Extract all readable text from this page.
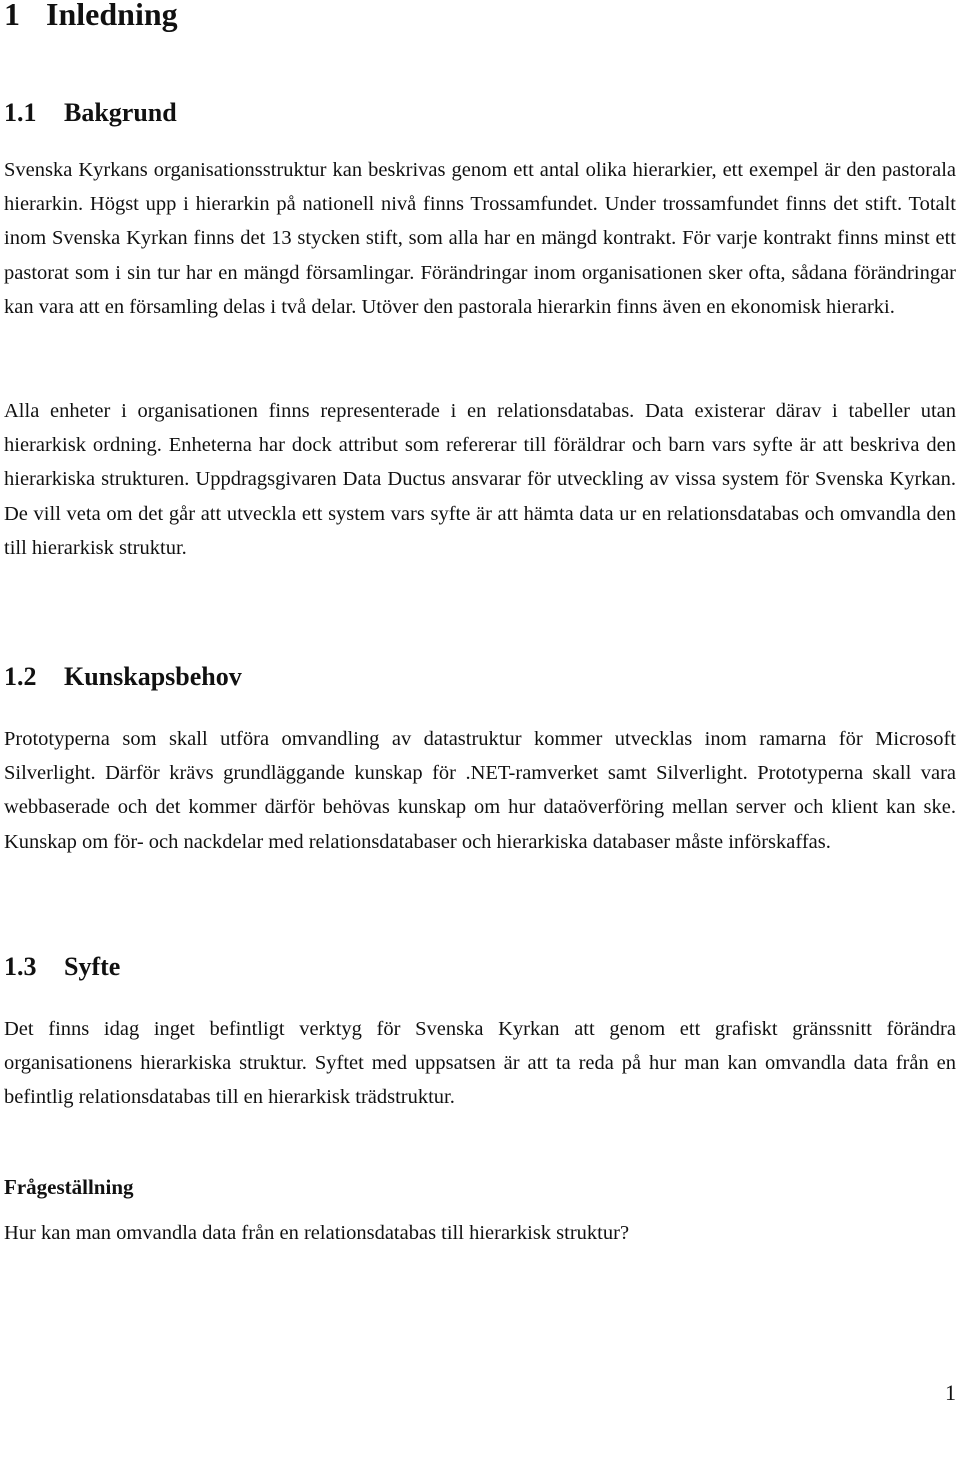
1 Inledning
1.1 Bakgrund

Svenska Kyrkans organisationsstruktur kan beskrivas genom ett antal olika hierarkier, ett exempel är den pastorala hierarkin. Högst upp i hierarkin på nationell nivå finns Trossamfundet. Under trossamfundet finns det stift. Totalt inom Svenska Kyrkan finns det 13 stycken stift, som alla har en mängd kontrakt. För varje kontrakt finns minst ett pastorat som i sin tur har en mängd församlingar. Förändringar inom organisationen sker ofta, sådana förändringar kan vara att en församling delas i två delar. Utöver den pastorala hierarkin finns även en ekonomisk hierarki.

Alla enheter i organisationen finns representerade i en relationsdatabas. Data existerar därav i tabeller utan hierarkisk ordning. Enheterna har dock attribut som refererar till föräldrar och barn vars syfte är att beskriva den hierarkiska strukturen. Uppdragsgivaren Data Ductus ansvarar för utveckling av vissa system för Svenska Kyrkan. De vill veta om det går att utveckla ett system vars syfte är att hämta data ur en relationsdatabas och omvandla den till hierarkisk struktur.

1.2 Kunskapsbehov

Prototyperna som skall utföra omvandling av datastruktur kommer utvecklas inom ramarna för Microsoft Silverlight. Därför krävs grundläggande kunskap för .NET-ramverket samt Silverlight. Prototyperna skall vara webbaserade och det kommer därför behövas kunskap om hur dataöverföring mellan server och klient kan ske. Kunskap om för- och nackdelar med relationsdatabaser och hierarkiska databaser måste införskaffas.

1.3 Syfte

Det finns idag inget befintligt verktyg för Svenska Kyrkan att genom ett grafiskt gränssnitt förändra organisationens hierarkiska struktur. Syftet med uppsatsen är att ta reda på hur man kan omvandla data från en befintlig relationsdatabas till en hierarkisk trädstruktur.

Frågeställning

Hur kan man omvandla data från en relationsdatabas till hierarkisk struktur?

1
